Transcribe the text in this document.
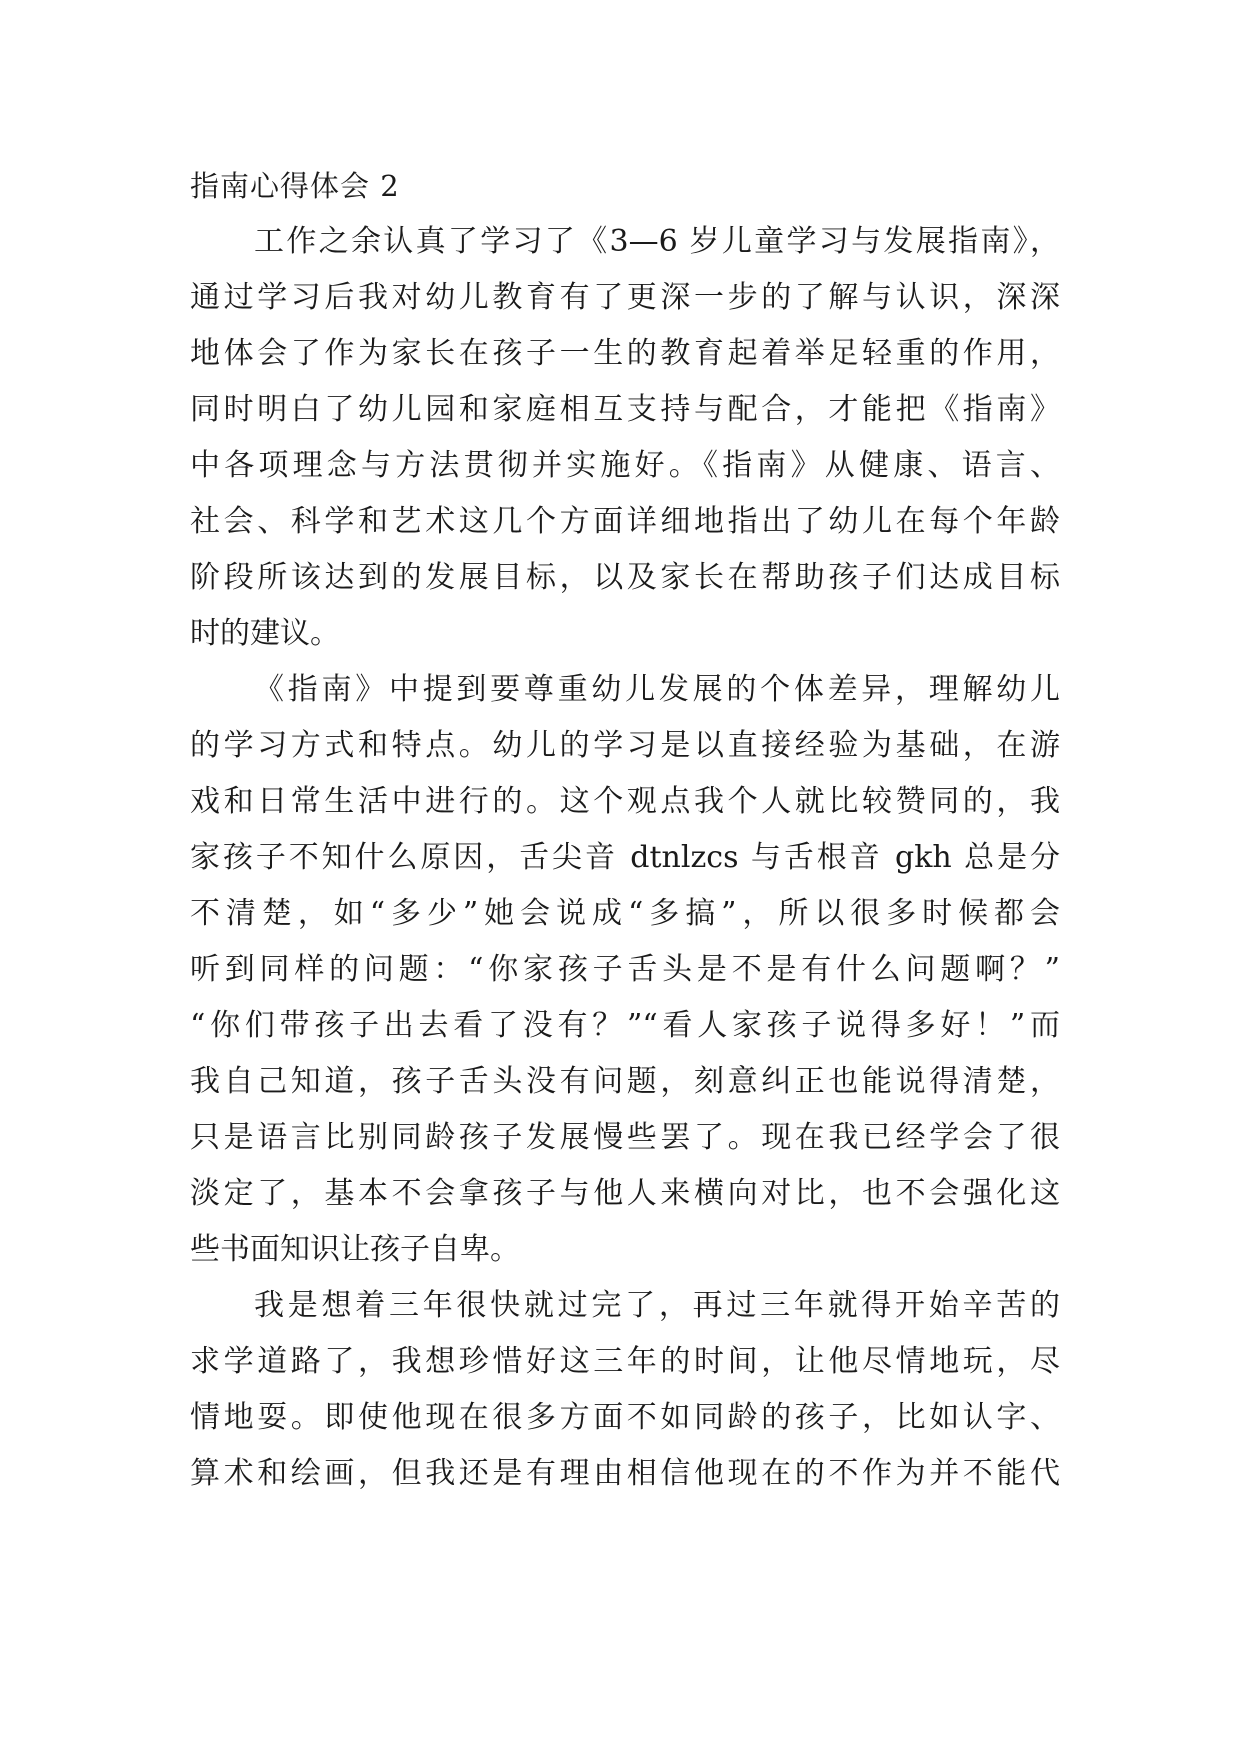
指南心得体会 2
工作之余认真了学习了《3—6 岁儿童学习与发展指南》，
通过学习后我对幼儿教育有了更深一步的了解与认识，深深
地体会了作为家长在孩子一生的教育起着举足轻重的作用，
同时明白了幼儿园和家庭相互支持与配合，才能把《指南》
中各项理念与方法贯彻并实施好。《指南》从健康、语言、
社会、科学和艺术这几个方面详细地指出了幼儿在每个年龄
阶段所该达到的发展目标，以及家长在帮助孩子们达成目标
时的建议。
《指南》中提到要尊重幼儿发展的个体差异，理解幼儿
的学习方式和特点。幼儿的学习是以直接经验为基础，在游
戏和日常生活中进行的。这个观点我个人就比较赞同的，我
家孩子不知什么原因，舌尖音 dtnlzcs 与舌根音 gkh 总是分
不清楚，如“多少”她会说成“多搞”，所以很多时候都会
听到同样的问题：“你家孩子舌头是不是有什么问题啊？”
“你们带孩子出去看了没有？”“看人家孩子说得多好！”而
我自己知道，孩子舌头没有问题，刻意纠正也能说得清楚，
只是语言比别同龄孩子发展慢些罢了。现在我已经学会了很
淡定了，基本不会拿孩子与他人来横向对比，也不会强化这
些书面知识让孩子自卑。
我是想着三年很快就过完了，再过三年就得开始辛苦的
求学道路了，我想珍惜好这三年的时间，让他尽情地玩，尽
情地耍。即使他现在很多方面不如同龄的孩子，比如认字、
算术和绘画，但我还是有理由相信他现在的不作为并不能代
